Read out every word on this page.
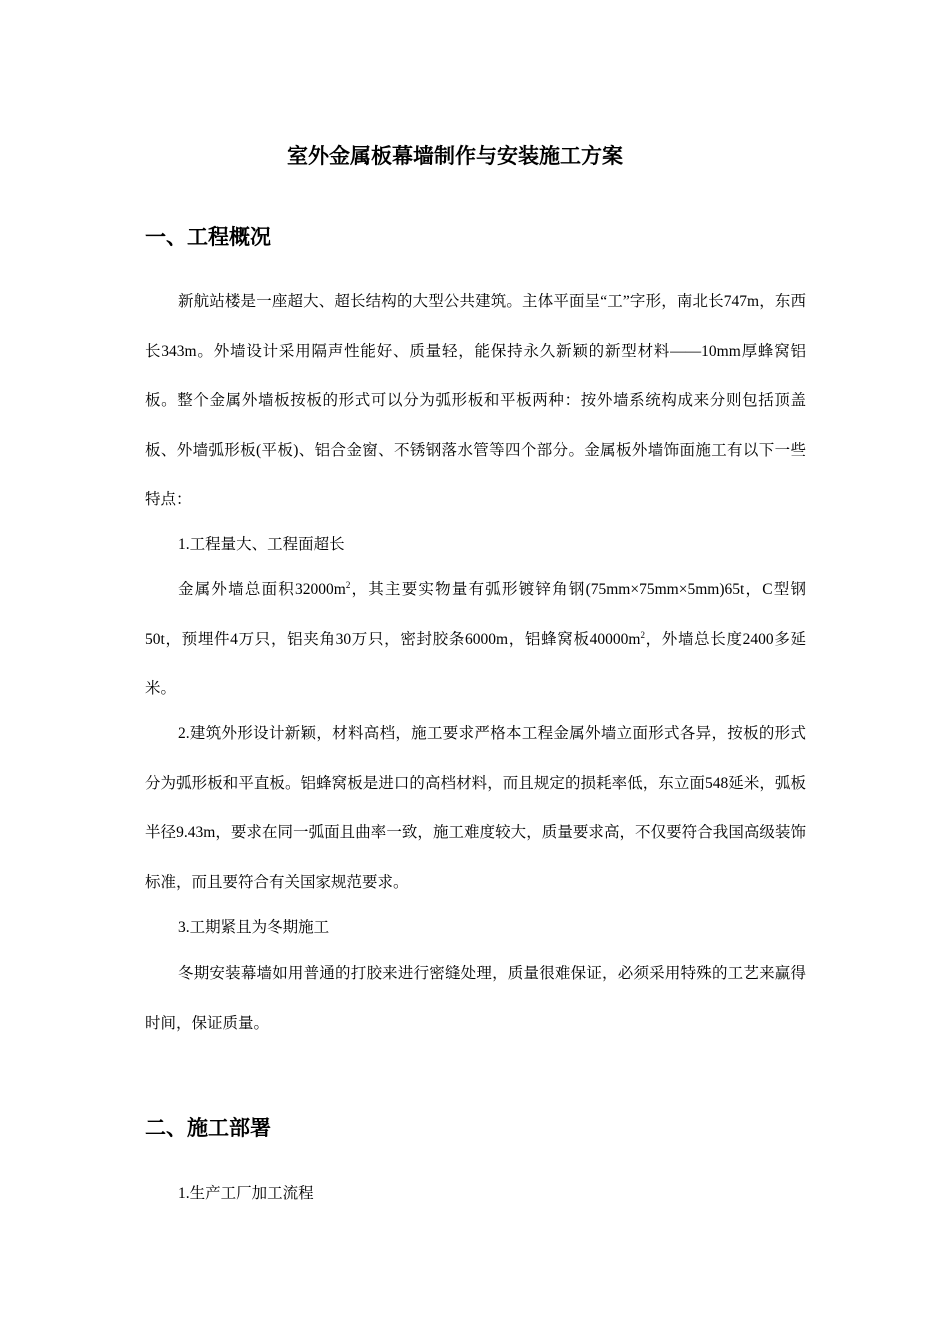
室外金属板幕墙制作与安装施工方案
一、工程概况
新航站楼是一座超大、超长结构的大型公共建筑。主体平面呈“工”字形，南北长747m，东西长343m。外墙设计采用隔声性能好、质量轻，能保持永久新颖的新型材料——10mm厚蜂窝铝板。整个金属外墙板按板的形式可以分为弧形板和平板两种：按外墙系统构成来分则包括顶盖板、外墙弧形板(平板)、铝合金窗、不锈钢落水管等四个部分。金属板外墙饰面施工有以下一些特点：
1.工程量大、工程面超长
金属外墙总面积$32000m^2$，其主要实物量有弧形镀锌角钢(75mm×75mm×5mm)65t，C型钢50t，预埋件4万只，铝夹角30万只，密封胶条6000m，铝蜂窝板$40000m^2$，外墙总长度2400多延米。
2.建筑外形设计新颖，材料高档，施工要求严格本工程金属外墙立面形式各异，按板的形式分为弧形板和平直板。铝蜂窝板是进口的高档材料，而且规定的损耗率低，东立面548延米，弧板半径9.43m，要求在同一弧面且曲率一致，施工难度较大，质量要求高，不仅要符合我国高级装饰标准，而且要符合有关国家规范要求。
3.工期紧且为冬期施工
冬期安装幕墙如用普通的打胶来进行密缝处理，质量很难保证，必须采用特殊的工艺来赢得时间，保证质量。
二、施工部署
1.生产工厂加工流程
